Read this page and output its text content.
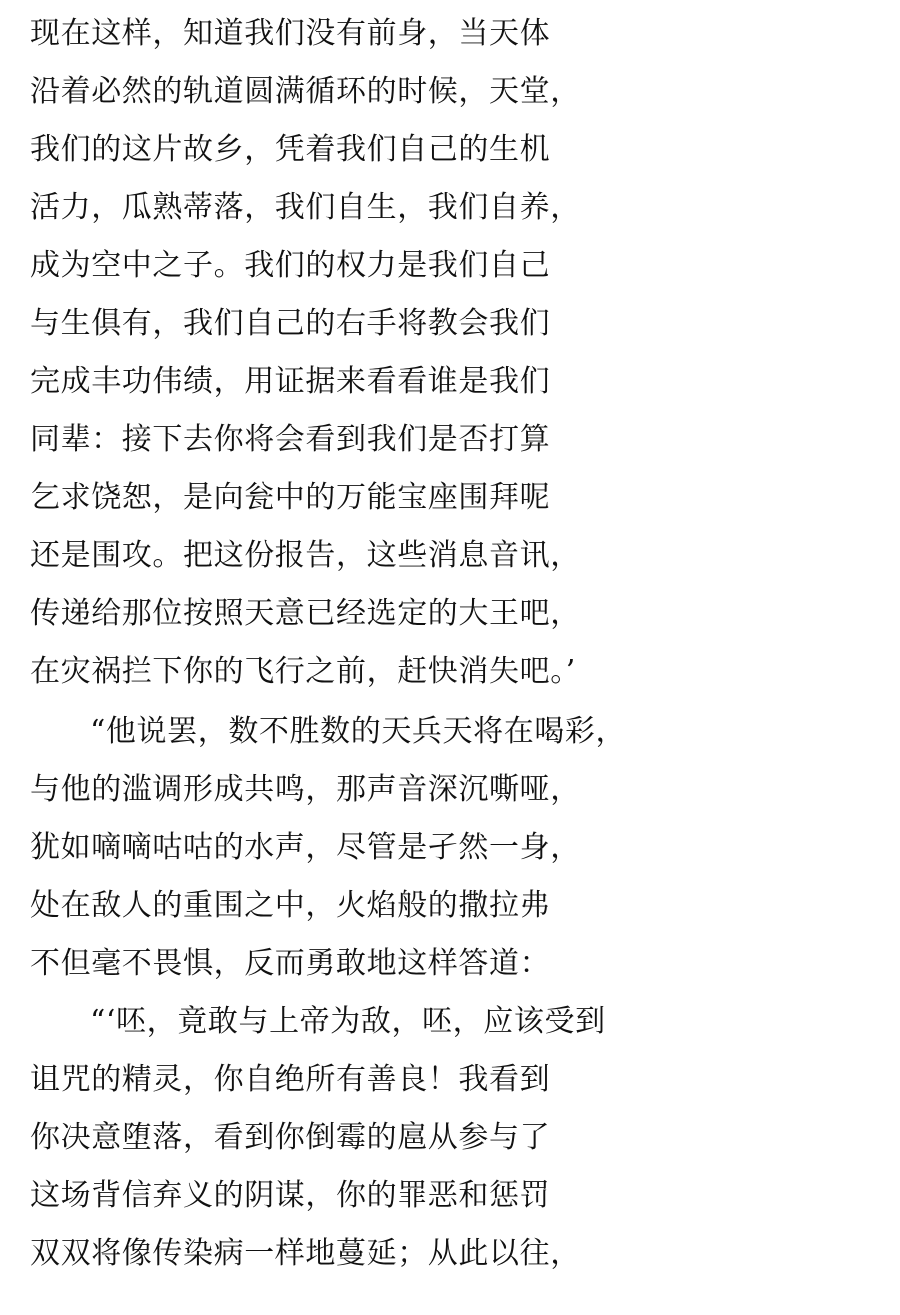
现在这样，知道我们没有前身，当天体
沿着必然的轨道圆满循环的时候，天堂，
我们的这片故乡，凭着我们自己的生机
活力，瓜熟蒂落，我们自生，我们自养，
成为空中之子。我们的权力是我们自己
与生俱有，我们自己的右手将教会我们
完成丰功伟绩，用证据来看看谁是我们
同辈：接下去你将会看到我们是否打算
乞求饶恕，是向瓮中的万能宝座围拜呢
还是围攻。把这份报告，这些消息音讯，
传递给那位按照天意已经选定的大王吧，
在灾祸拦下你的飞行之前，赶快消失吧。’
“他说罢，数不胜数的天兵天将在喝彩，
与他的滥调形成共鸣，那声音深沉嘶哑，
犹如嘀嘀咕咕的水声，尽管是孑然一身，
处在敌人的重围之中，火焰般的撒拉弗
不但毫不畏惧，反而勇敢地这样答道：
“‘呸，竟敢与上帝为敌，呸，应该受到
诅咒的精灵，你自绝所有善良！我看到
你决意堕落，看到你倒霉的扈从参与了
这场背信弃义的阴谋，你的罪恶和惩罚
双双将像传染病一样地蔓延；从此以往，
